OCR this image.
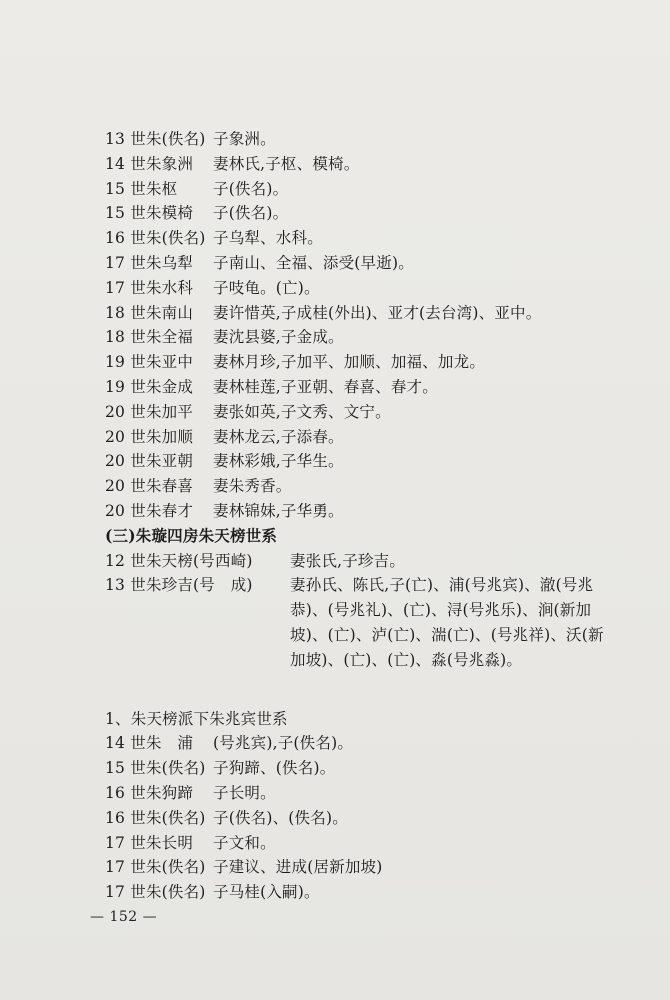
13 世朱(佚名) 子象洲。
14 世朱象洲	妻林氏,子枢、模椅。
15 世朱枢	子(佚名)。
15 世朱模椅	子(佚名)。
16 世朱(佚名) 子乌犁、水科。
17 世朱乌犁	子南山、全福、添受(早逝)。
17 世朱水科	子吱龟。(亡)。
18 世朱南山	妻许惜英,子成桂(外出)、亚才(去台湾)、亚中。
18 世朱全福	妻沈县婆,子金成。
19 世朱亚中	妻林月珍,子加平、加顺、加福、加龙。
19 世朱金成	妻林桂莲,子亚朝、春喜、春才。
20 世朱加平	妻张如英,子文秀、文宁。
20 世朱加顺	妻林龙云,子添春。
20 世朱亚朝	妻林彩娥,子华生。
20 世朱春喜	妻朱秀香。
20 世朱春才	妻林锦妹,子华勇。
(三)朱璇四房朱天榜世系
12 世朱天榜(号西崎)	妻张氏,子珍吉。
13 世朱珍吉(号　成)	妻孙氏、陈氏,子(亡)、浦(号兆宾)、澈(号兆
恭)、(号兆礼)、(亡)、浔(号兆乐)、涧(新加
坡)、(亡)、泸(亡)、湍(亡)、(号兆祥)、沃(新
加坡)、(亡)、(亡)、淼(号兆淼)。
1、朱天榜派下朱兆宾世系
14 世朱　浦	(号兆宾),子(佚名)。
15 世朱(佚名) 子狗蹄、(佚名)。
16 世朱狗蹄	子长明。
16 世朱(佚名) 子(佚名)、(佚名)。
17 世朱长明	子文和。
17 世朱(佚名) 子建议、进成(居新加坡)
17 世朱(佚名) 子马桂(入嗣)。
— 152 —
